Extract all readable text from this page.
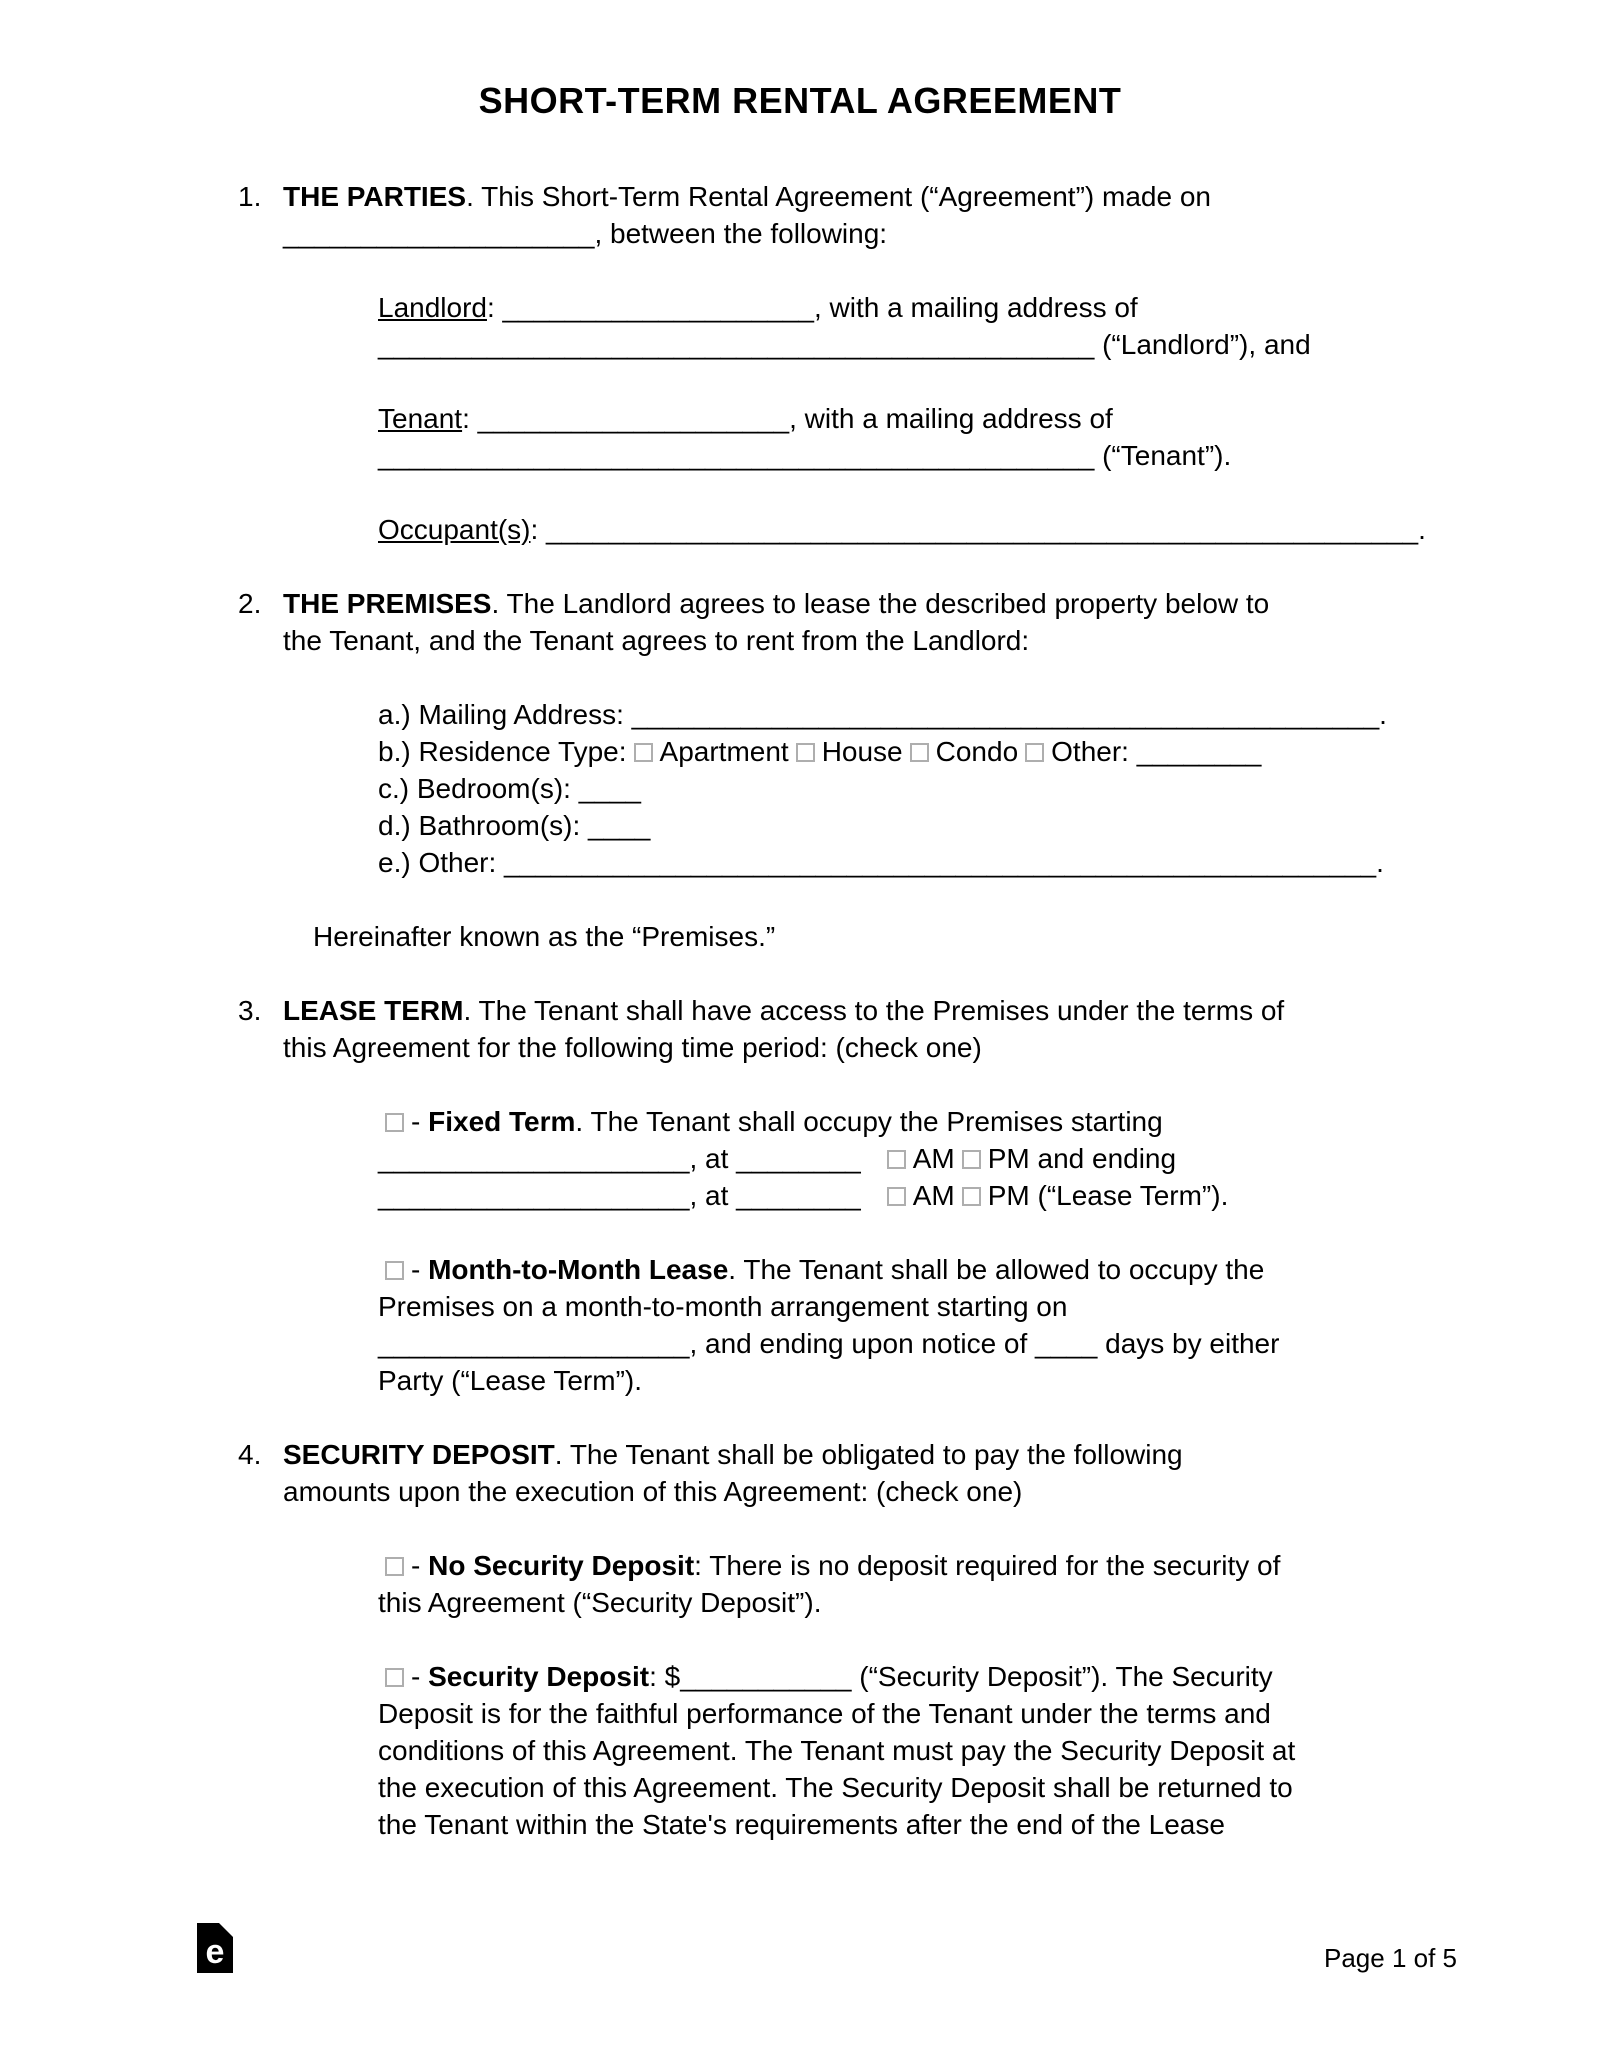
SHORT-TERM RENTAL AGREEMENT
1. THE PARTIES. This Short-Term Rental Agreement (“Agreement”) made on
____________________, between the following:
Landlord: ____________________, with a mailing address of
______________________________________________ (“Landlord”), and
Tenant: ____________________, with a mailing address of
______________________________________________ (“Tenant”).
Occupant(s): ________________________________________________________.
2. THE PREMISES. The Landlord agrees to lease the described property below to
the Tenant, and the Tenant agrees to rent from the Landlord:
a.) Mailing Address: ________________________________________________.
b.) Residence Type: Apartment House Condo Other: ________
c.) Bedroom(s): ____
d.) Bathroom(s): ____
e.) Other: ________________________________________________________.
Hereinafter known as the “Premises.”
3. LEASE TERM. The Tenant shall have access to the Premises under the terms of
this Agreement for the following time period: (check one)
- Fixed Term. The Tenant shall occupy the Premises starting
____________________, at ________ AM PM and ending
____________________, at ________ AM PM (“Lease Term”).
- Month-to-Month Lease. The Tenant shall be allowed to occupy the
Premises on a month-to-month arrangement starting on
____________________, and ending upon notice of ____ days by either
Party (“Lease Term”).
4. SECURITY DEPOSIT. The Tenant shall be obligated to pay the following
amounts upon the execution of this Agreement: (check one)
- No Security Deposit: There is no deposit required for the security of
this Agreement (“Security Deposit”).
- Security Deposit: $___________ (“Security Deposit”). The Security
Deposit is for the faithful performance of the Tenant under the terms and
conditions of this Agreement. The Tenant must pay the Security Deposit at
the execution of this Agreement. The Security Deposit shall be returned to
the Tenant within the State's requirements after the end of the Lease
e	Page 1 of 5
